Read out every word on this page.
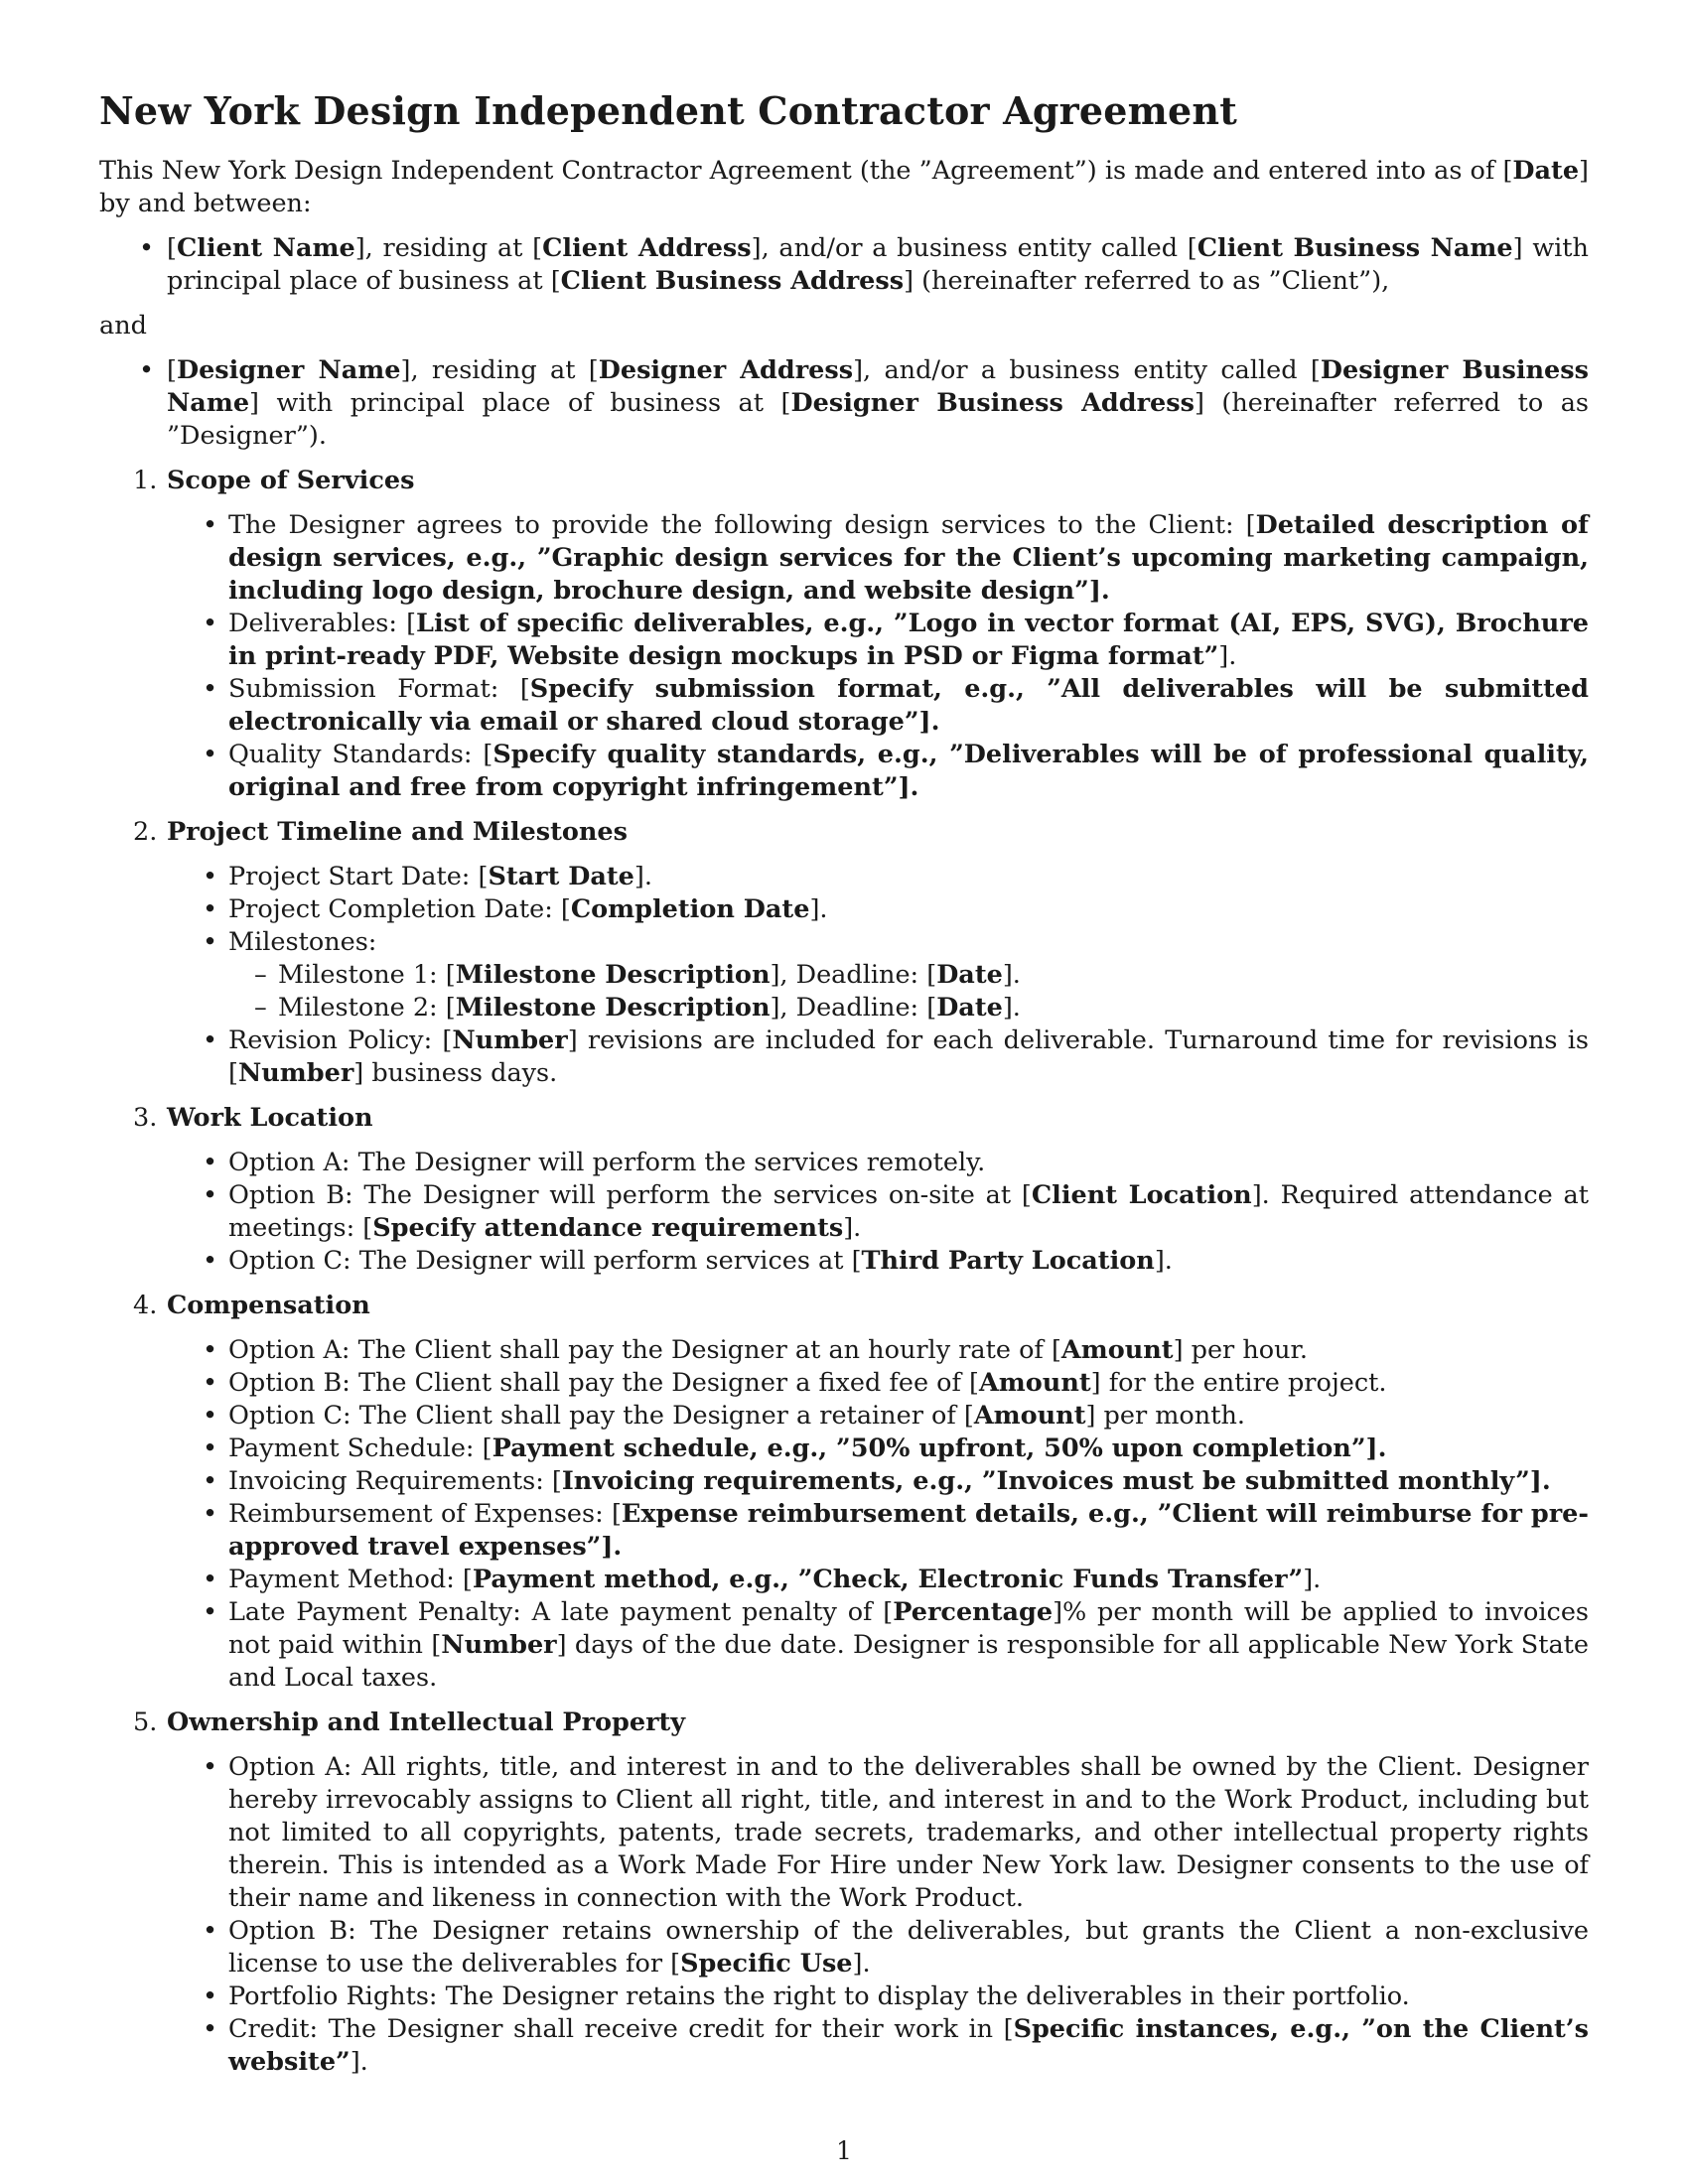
New York Design Independent Contractor Agreement

This New York Design Independent Contractor Agreement (the ”Agreement”) is made and entered into as of [Date] by and between:

• [Client Name], residing at [Client Address], and/or a business entity called [Client Business Name] with principal place of business at [Client Business Address] (hereinafter referred to as ”Client”),

and

• [Designer Name], residing at [Designer Address], and/or a business entity called [Designer Business Name] with principal place of business at [Designer Business Address] (hereinafter referred to as ”Designer”).
1. Scope of Services
• The Designer agrees to provide the following design services to the Client: [Detailed description of design services, e.g., ”Graphic design services for the Client’s upcoming marketing campaign, including logo design, brochure design, and website design”].
• Deliverables: [List of specific deliverables, e.g., ”Logo in vector format (AI, EPS, SVG), Brochure in print-ready PDF, Website design mockups in PSD or Figma format”].
• Submission Format: [Specify submission format, e.g., ”All deliverables will be submitted electronically via email or shared cloud storage”].
• Quality Standards: [Specify quality standards, e.g., ”Deliverables will be of professional quality, original and free from copyright infringement”].
2. Project Timeline and Milestones
• Project Start Date: [Start Date].
• Project Completion Date: [Completion Date].
• Milestones:
– Milestone 1: [Milestone Description], Deadline: [Date].
– Milestone 2: [Milestone Description], Deadline: [Date].
• Revision Policy: [Number] revisions are included for each deliverable. Turnaround time for revisions is [Number] business days.
3. Work Location
• Option A: The Designer will perform the services remotely.
• Option B: The Designer will perform the services on-site at [Client Location]. Required attendance at meetings: [Specify attendance requirements].
• Option C: The Designer will perform services at [Third Party Location].
4. Compensation
• Option A: The Client shall pay the Designer at an hourly rate of [Amount] per hour.
• Option B: The Client shall pay the Designer a fixed fee of [Amount] for the entire project.
• Option C: The Client shall pay the Designer a retainer of [Amount] per month.
• Payment Schedule: [Payment schedule, e.g., ”50% upfront, 50% upon completion”].
• Invoicing Requirements: [Invoicing requirements, e.g., ”Invoices must be submitted monthly”].
• Reimbursement of Expenses: [Expense reimbursement details, e.g., ”Client will reimburse for pre-approved travel expenses”].
• Payment Method: [Payment method, e.g., ”Check, Electronic Funds Transfer”].
• Late Payment Penalty: A late payment penalty of [Percentage]% per month will be applied to invoices not paid within [Number] days of the due date. Designer is responsible for all applicable New York State and Local taxes.
5. Ownership and Intellectual Property
• Option A: All rights, title, and interest in and to the deliverables shall be owned by the Client. Designer hereby irrevocably assigns to Client all right, title, and interest in and to the Work Product, including but not limited to all copyrights, patents, trade secrets, trademarks, and other intellectual property rights therein. This is intended as a Work Made For Hire under New York law. Designer consents to the use of their name and likeness in connection with the Work Product.
• Option B: The Designer retains ownership of the deliverables, but grants the Client a non-exclusive license to use the deliverables for [Specific Use].
• Portfolio Rights: The Designer retains the right to display the deliverables in their portfolio.
• Credit: The Designer shall receive credit for their work in [Specific instances, e.g., ”on the Client’s website”].
1
